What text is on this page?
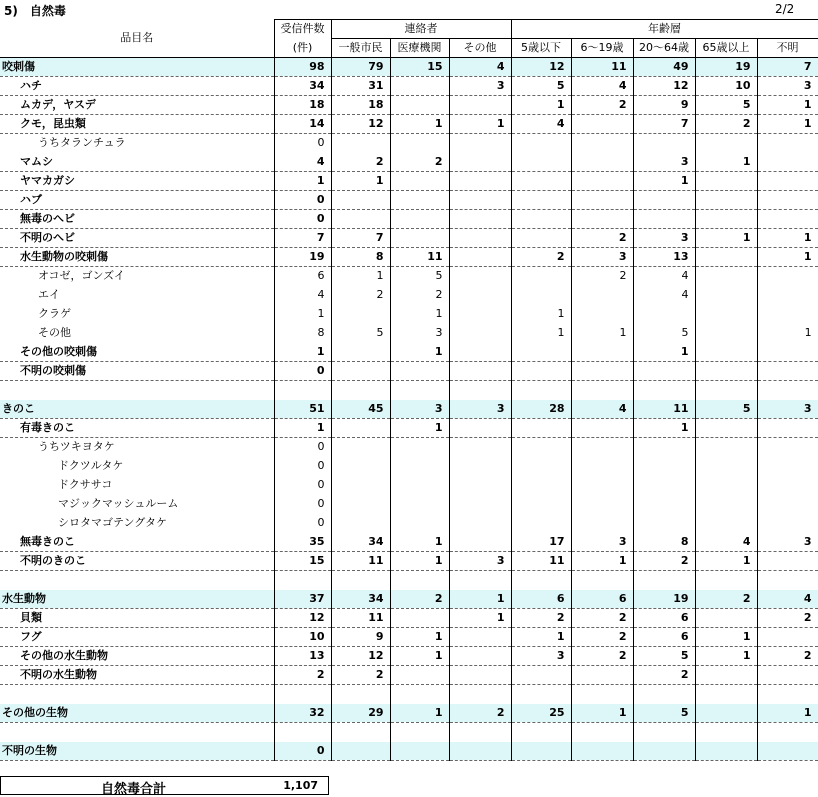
5)　自然毒	2/2
品目名	受信件数	連絡者			年齢層				
	(件)	一般市民	医療機関	その他	5歳以下	6～19歳	20～64歳	65歳以上	不明
咬刺傷	98	79	15	4	12	11	49	19	7
ハチ	34	31		3	5	4	12	10	3
ムカデ，ヤスデ	18	18			1	2	9	5	1
クモ，昆虫類	14	12	1	1	4		7	2	1
うちタランチュラ	0								
マムシ	4	2	2				3	1	
ヤマカガシ	1	1					1		
ハブ	0								
無毒のヘビ	0								
不明のヘビ	7	7				2	3	1	1
水生動物の咬刺傷	19	8	11		2	3	13		1
オコゼ，ゴンズイ	6	1	5			2	4		
エイ	4	2	2				4		
クラゲ	1		1		1				
その他	8	5	3		1	1	5		1
その他の咬刺傷	1		1				1		
不明の咬刺傷	0								

きのこ	51	45	3	3	28	4	11	5	3
有毒きのこ	1		1				1		
うちツキヨタケ	0								
ドクツルタケ	0								
ドクササコ	0								
マジックマッシュルーム	0								
シロタマゴテングタケ	0								
無毒きのこ	35	34	1		17	3	8	4	3
不明のきのこ	15	11	1	3	11	1	2	1	

水生動物	37	34	2	1	6	6	19	2	4
貝類	12	11		1	2	2	6		2
フグ	10	9	1		1	2	6	1	
その他の水生動物	13	12	1		3	2	5	1	2
不明の水生動物	2	2					2		

その他の生物	32	29	1	2	25	1	5		1

不明の生物	0								
自然毒合計	1,107
